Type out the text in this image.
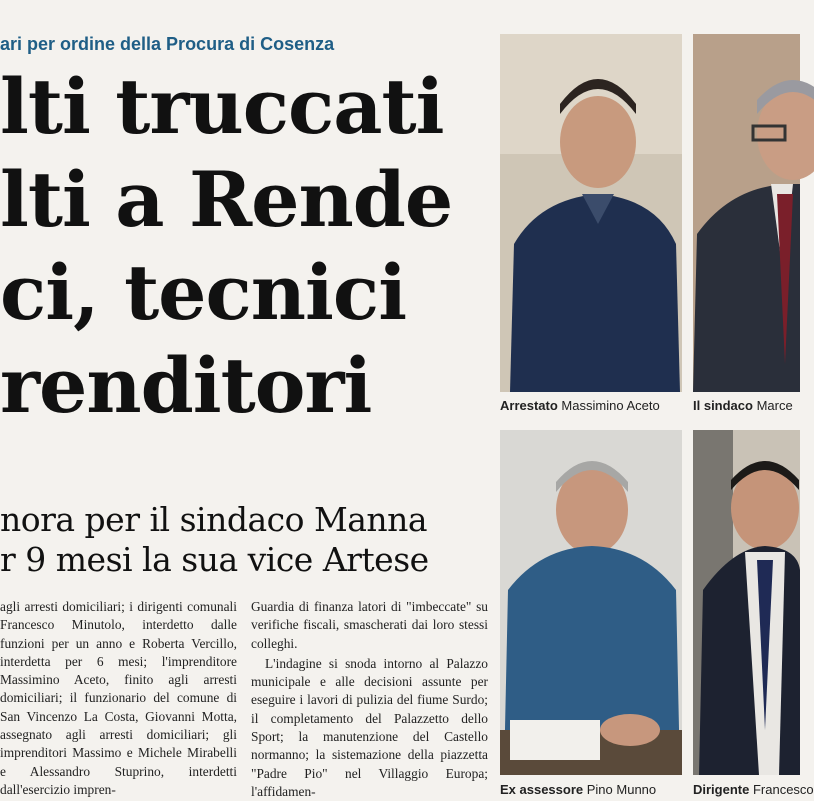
ari per ordine della Procura di Cosenza
lti truccati
lti a Rende
ci, tecnici
renditori
nora per il sindaco Manna
r 9 mesi la sua vice Artese

agli arresti domiciliari; i dirigenti comunali Francesco Minutolo, interdetto dalle funzioni per un anno e Roberta Vercillo, interdetta per 6 mesi; l'imprenditore Massimino Aceto, finito agli arresti domiciliari; il funzionario del comune di San Vincenzo La Costa, Giovanni Motta, assegnato agli arresti domiciliari; gli imprenditori Massimo e Michele Mirabelli e Alessandro Stuprino, interdetti dall'esercizio impren-

Guardia di finanza latori di "imbeccate" su verifiche fiscali, smascherati dai loro stessi colleghi.

L'indagine si snoda intorno al Palazzo municipale e alle decisioni assunte per eseguire i lavori di pulizia del fiume Surdo; il completamento del Palazzetto dello Sport; la manutenzione del Castello normanno; la sistemazione della piazzetta "Padre Pio" nel Villaggio Europa; l'affidamen-

Arrestato Massimino Aceto	Il sindaco Marce
Ex assessore Pino Munno	Dirigente Francesco
